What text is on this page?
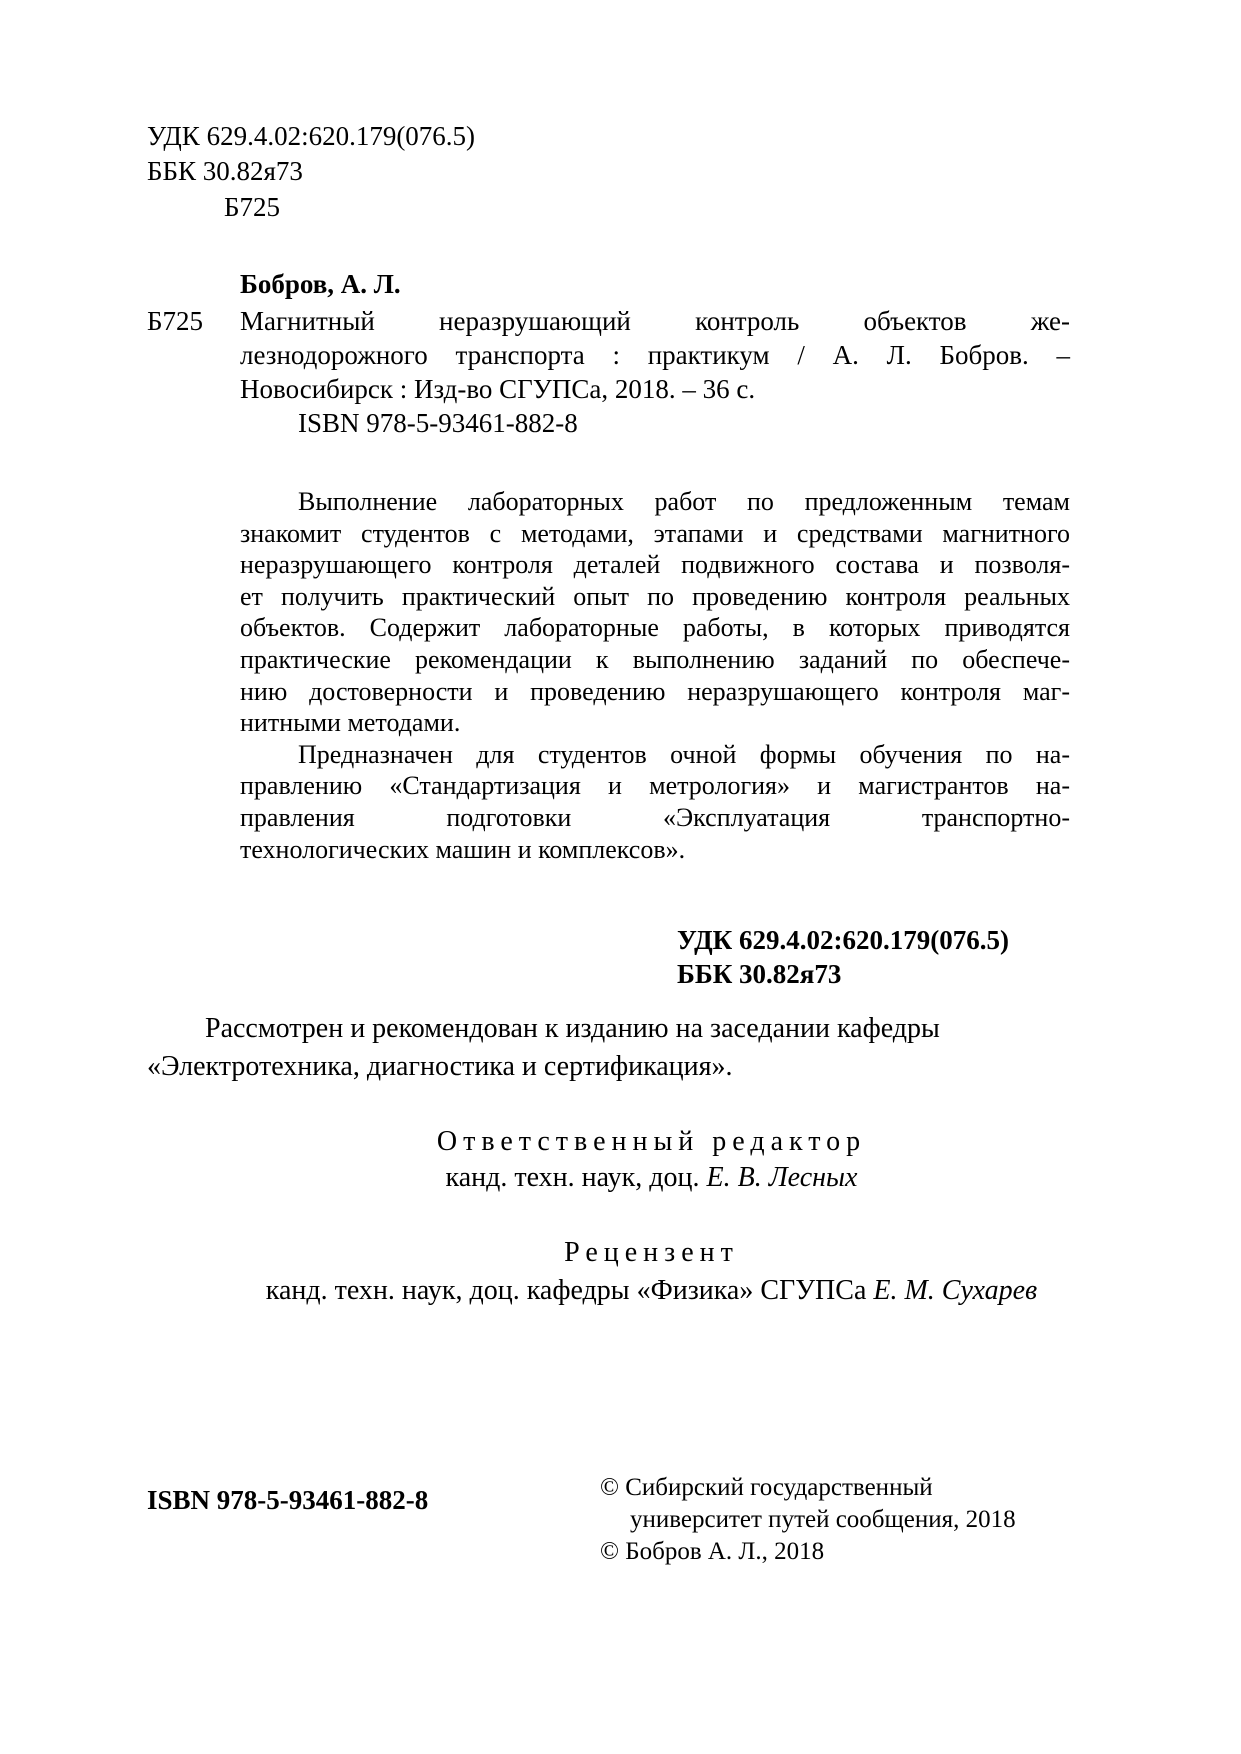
УДК 629.4.02:620.179(076.5)
ББК 30.82я73
Б725
Бобров, А. Л.
Б725 Магнитный неразрушающий контроль объектов же-

лезнодорожного транспорта : практикум / А. Л. Бобров. –

Новосибирск : Изд-во СГУПСа, 2018. – 36 с.

ISBN 978-5-93461-882-8

Выполнение лабораторных работ по предложенным темам
знакомит студентов с методами, этапами и средствами магнитного
неразрушающего контроля деталей подвижного состава и позволя-
ет получить практический опыт по проведению контроля реальных
объектов. Содержит лабораторные работы, в которых приводятся
практические рекомендации к выполнению заданий по обеспече-
нию достоверности и проведению неразрушающего контроля маг-
нитными методами.
Предназначен для студентов очной формы обучения по на-
правлению «Стандартизация и метрология» и магистрантов на-
правления подготовки «Эксплуатация транспортно-
технологических машин и комплексов».
УДК 629.4.02:620.179(076.5)
ББК 30.82я73
Рассмотрен и рекомендован к изданию на заседании кафедры
«Электротехника, диагностика и сертификация».
Ответственный редактор
канд. техн. наук, доц. Е. В. Лесных
Рецензент
канд. техн. наук, доц. кафедры «Физика» СГУПСа Е. М. Сухарев
ISBN 978-5-93461-882-8	© Сибирский государственный
университет путей сообщения, 2018
© Бобров А. Л., 2018
